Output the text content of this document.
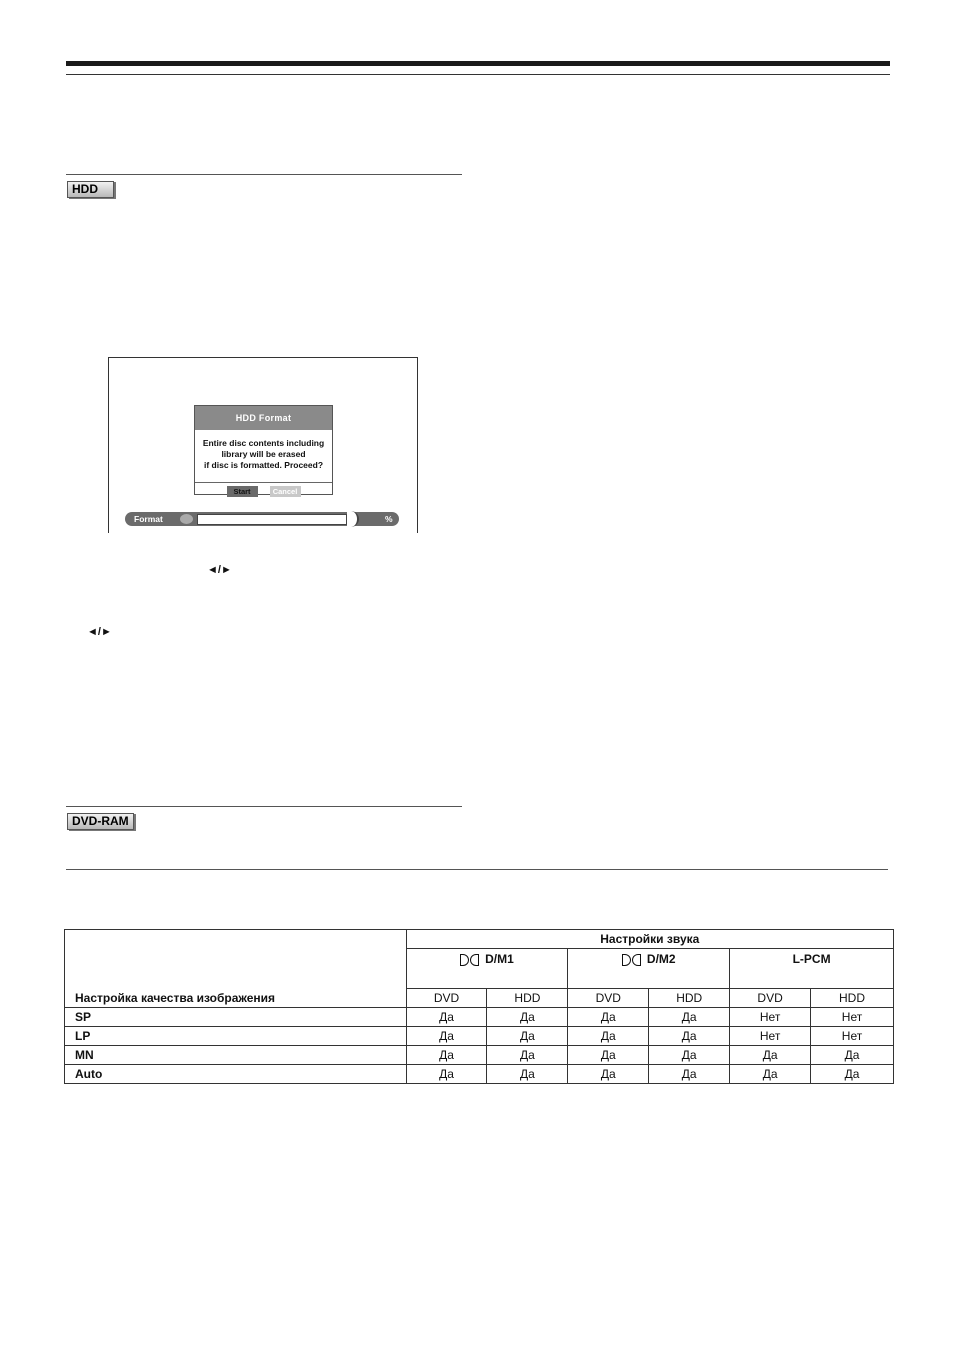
HDD
HDD Format
Entire disc contents including
library will be erased
if disc is formatted. Proceed?
Start	Cancel
Format	%
◄/►
◄/►
DVD-RAM
	Настройки звука					

D/M1		D/M2		L-PCM	
Настройка качества изображения	DVD	HDD	DVD	HDD	DVD	HDD
SP	Да	Да	Да	Да	Нет	Нет
LP	Да	Да	Да	Да	Нет	Нет
MN	Да	Да	Да	Да	Да	Да
Auto	Да	Да	Да	Да	Да	Да
